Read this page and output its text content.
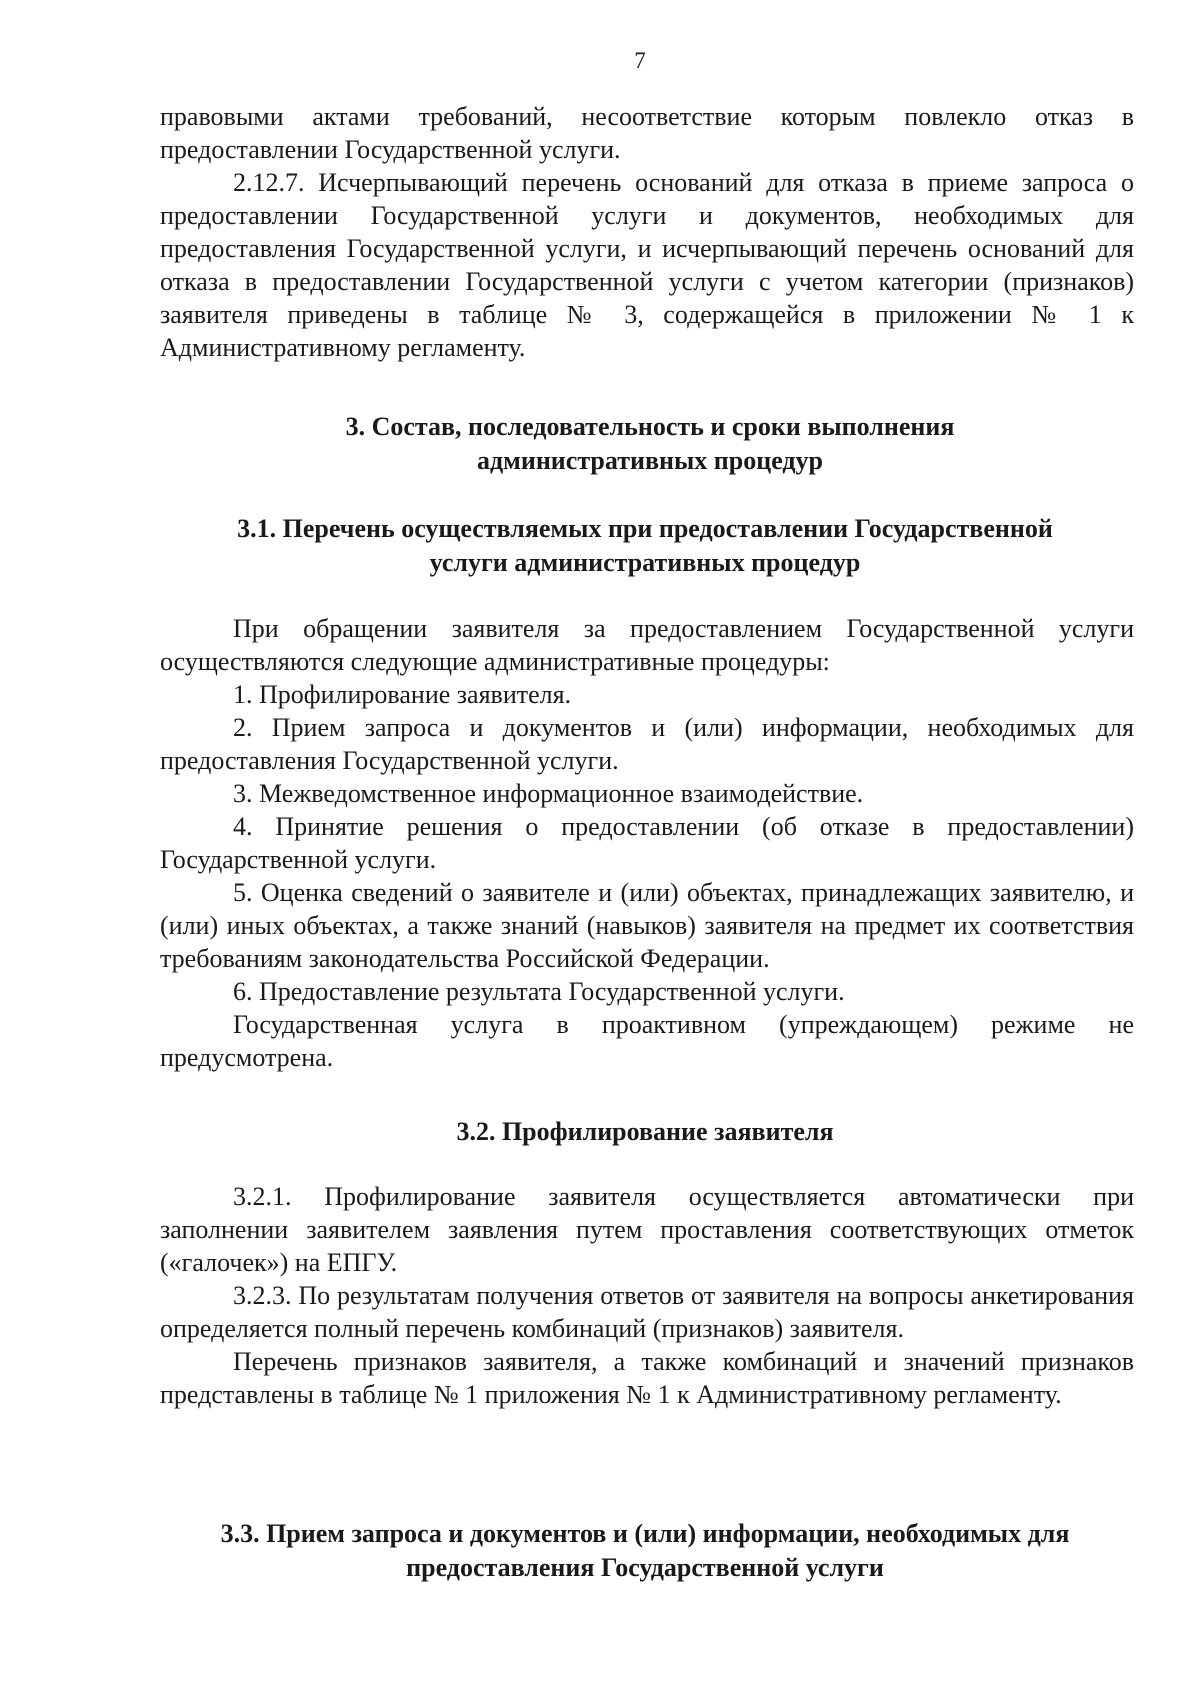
7

правовыми актами требований, несоответствие которым повлекло отказ в предоставлении Государственной услуги.

2.12.7. Исчерпывающий перечень оснований для отказа в приеме запроса о предоставлении Государственной услуги и документов, необходимых для предоставления Государственной услуги, и исчерпывающий перечень оснований для отказа в предоставлении Государственной услуги с учетом категории (признаков) заявителя приведены в таблице № 3, содержащейся в приложении № 1 к Административному регламенту.

3. Состав, последовательность и сроки выполнения
административных процедур
3.1. Перечень осуществляемых при предоставлении Государственной
услуги административных процедур

При обращении заявителя за предоставлением Государственной услуги осуществляются следующие административные процедуры:

1. Профилирование заявителя.

2. Прием запроса и документов и (или) информации, необходимых для предоставления Государственной услуги.

3. Межведомственное информационное взаимодействие.

4. Принятие решения о предоставлении (об отказе в предоставлении) Государственной услуги.

5. Оценка сведений о заявителе и (или) объектах, принадлежащих заявителю, и (или) иных объектах, а также знаний (навыков) заявителя на предмет их соответствия требованиям законодательства Российской Федерации.

6. Предоставление результата Государственной услуги.

Государственная услуга в проактивном (упреждающем) режиме не предусмотрена.

3.2. Профилирование заявителя

3.2.1. Профилирование заявителя осуществляется автоматически при заполнении заявителем заявления путем проставления соответствующих отметок («галочек») на ЕПГУ.

3.2.3. По результатам получения ответов от заявителя на вопросы анкетирования определяется полный перечень комбинаций (признаков) заявителя.

Перечень признаков заявителя, а также комбинаций и значений признаков представлены в таблице № 1 приложения № 1 к Административному регламенту.

3.3. Прием запроса и документов и (или) информации, необходимых для
предоставления Государственной услуги
